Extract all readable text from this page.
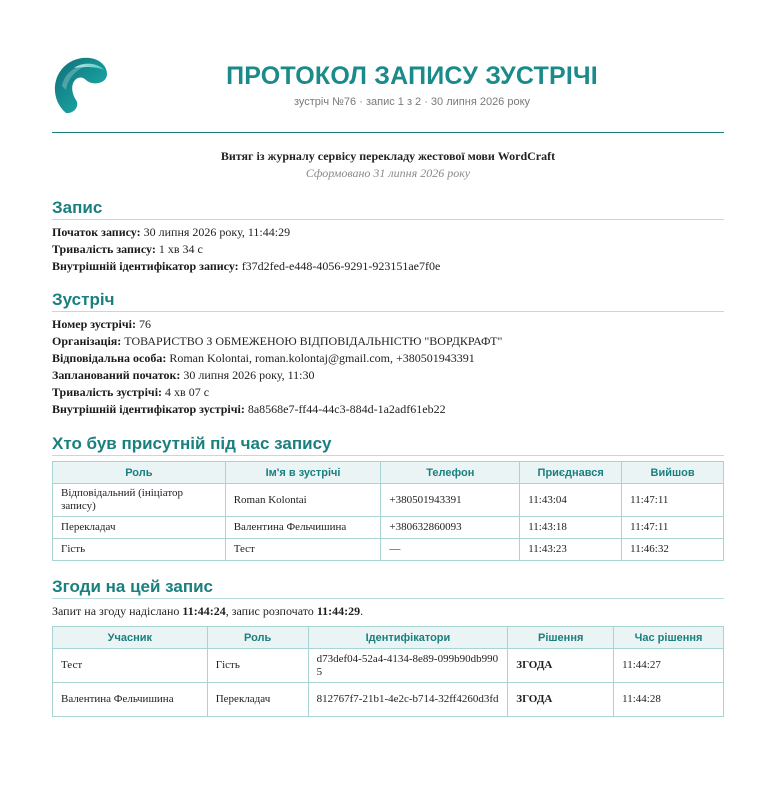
ПРОТОКОЛ ЗАПИСУ ЗУСТРІЧІ
зустріч №76 · запис 1 з 2 · 30 липня 2026 року
Витяг із журналу сервісу перекладу жестової мови WordCraft
Сформовано 31 липня 2026 року
Запис
Початок запису: 30 липня 2026 року, 11:44:29
Тривалість запису: 1 хв 34 с
Внутрішній ідентифікатор запису: f37d2fed-e448-4056-9291-923151ae7f0e
Зустріч
Номер зустрічі: 76
Організація: ТОВАРИСТВО З ОБМЕЖЕНОЮ ВІДПОВІДАЛЬНІСТЮ "ВОРДКРАФТ"
Відповідальна особа: Roman Kolontai, roman.kolontaj@gmail.com, +380501943391
Запланований початок: 30 липня 2026 року, 11:30
Тривалість зустрічі: 4 хв 07 с
Внутрішній ідентифікатор зустрічі: 8a8568e7-ff44-44c3-884d-1a2adf61eb22
Хто був присутній під час запису
Роль	Ім'я в зустрічі	Телефон	Приєднався	Вийшов
Відповідальний (ініціатор запису)	Roman Kolontai	+380501943391	11:43:04	11:47:11
Перекладач	Валентина Фельчишина	+380632860093	11:43:18	11:47:11
Гість	Тест	—	11:43:23	11:46:32
Згоди на цей запис
Запит на згоду надіслано 11:44:24, запис розпочато 11:44:29.
Учасник	Роль	Ідентифікатори	Рішення	Час рішення
Тест	Гість	d73def04-52a4-4134-8e89-099b90db9905	ЗГОДА	11:44:27
Валентина Фельчишина	Перекладач	812767f7-21b1-4e2c-b714-32ff4260d3fd	ЗГОДА	11:44:28
